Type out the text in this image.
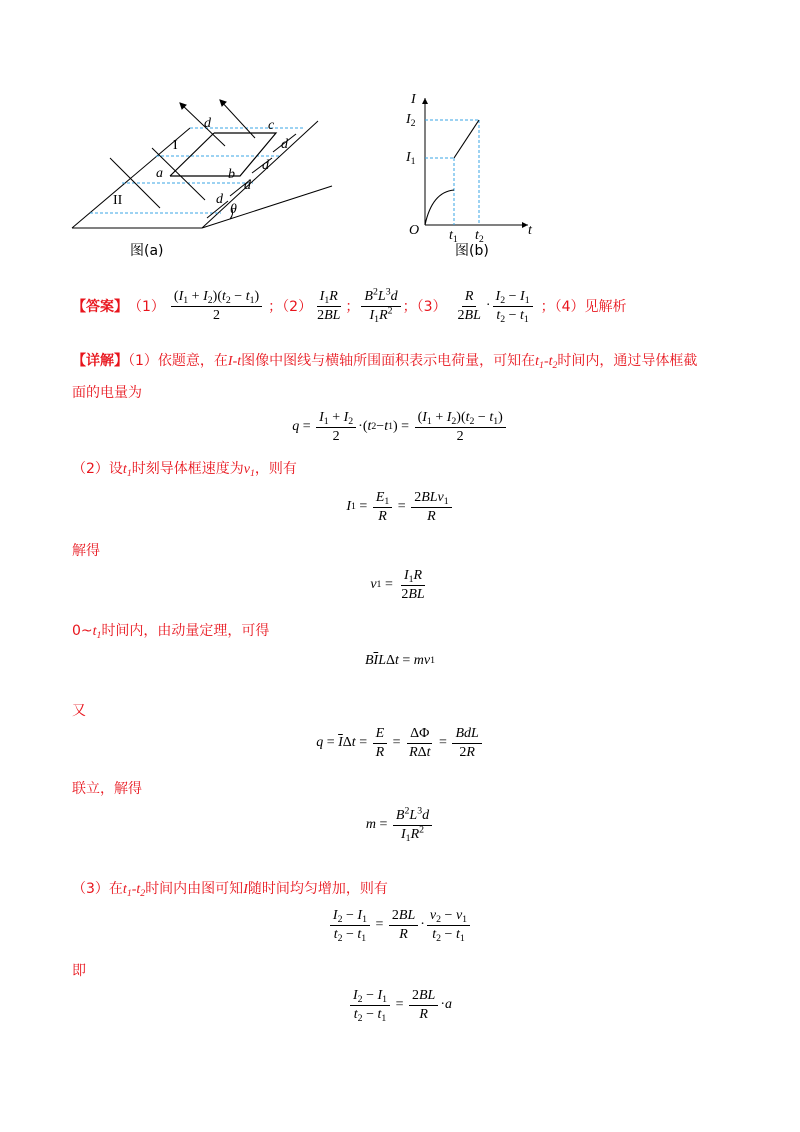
d	c
I
a	b
II
d
d
d
d
θ
图(a)
I
t
O
$I_2$
$I_1$
$t_1$ $t_2$
图(b)
【答案】 $(1) \frac{(I_1 + I_2)(t_2 - t_1)}{2}$ ；$(2) \frac{I_1R}{2BL}$ ； $\frac{B^2L^3d}{I_1R^2}$ ；$(3) \frac{R}{2BL} \cdot \frac{I_2 - I_1}{t_2 - t_1}$ ；（4）见解析
【详解】（1）依题意，在I-t图像中图线与横轴所围面积表示电荷量，可知在$t_1-t_2$时间内，通过导体框截
面的电量为
$q = \frac{I_1 + I_2}{2}$ ·( t 2 − t 1 ) = $\frac{(I_1 + I_2)(t_2 - t_1)}{2}$
（2）设$t_1$时刻导体框速度为$v_1$，则有
I $1 = \frac{E_1}{R} = \frac{2BLv_1}{R}$
解得
v $1 = \frac{I_1R}{2BL}$
$0\sim t_1$时间内，由动量定理，可得
B $\overline{I}$ L Δ t = mv 1
又
$q = \overline{I}$ Δ $t = \frac{E}{R} = \frac{\Delta\Phi}{\text{RΔt}} = \frac{\text{BdL}}{2R}$
联立，解得
$m = \frac{B^2L^3d}{I_1R^2}$
（3）在$t_1-t_2$时间内由图可知I随时间均匀增加，则有
$\frac{I_2 - I_1}{t_2 - t_1} = \frac{2BL}{R} \cdot \frac{v_2 - v_1}{t_2 - t_1}$
即
$\frac{I_2 - I_1}{t_2 - t_1} = \frac{2BL}{R} \cdot a$
